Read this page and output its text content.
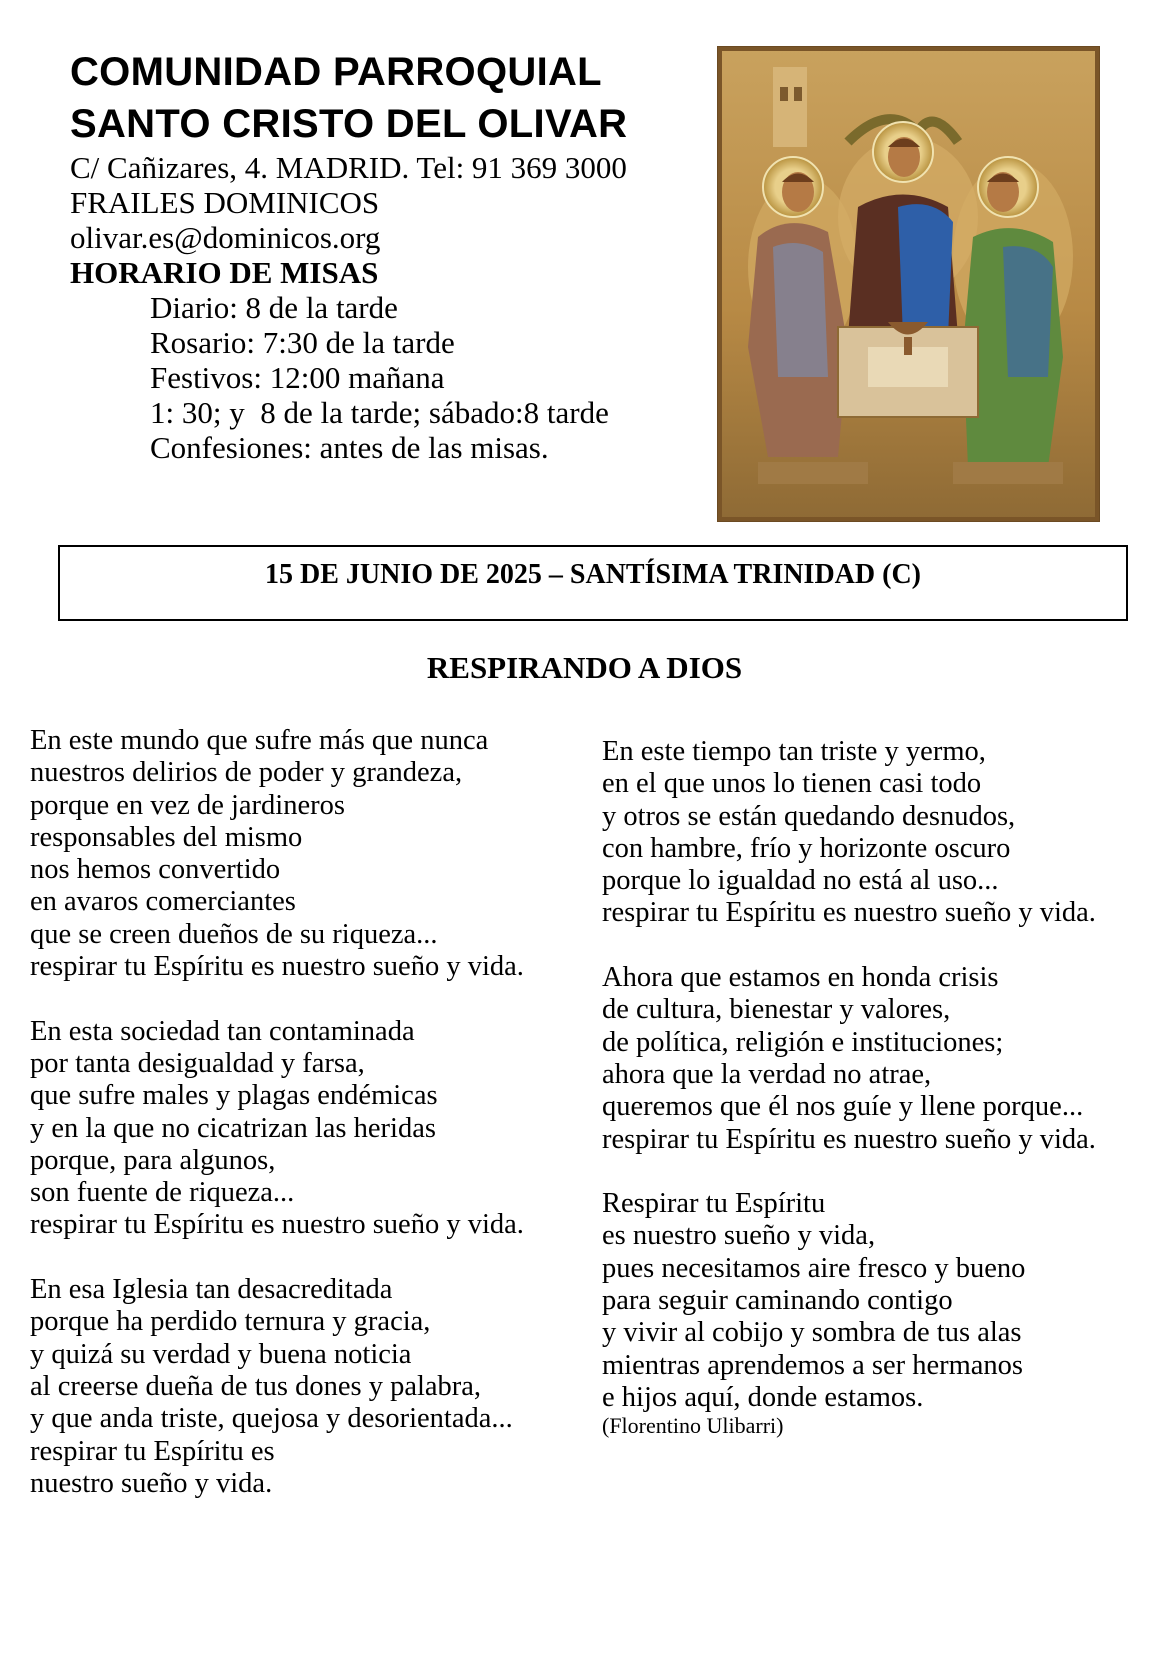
COMUNIDAD PARROQUIAL
SANTO CRISTO DEL OLIVAR
C/ Cañizares, 4. MADRID. Tel: 91 369 3000
FRAILES DOMINICOS
olivar.es@dominicos.org
HORARIO DE MISAS
Diario: 8 de la tarde
Rosario: 7:30 de la tarde
Festivos: 12:00 mañana
1: 30; y  8 de la tarde; sábado:8 tarde
Confesiones: antes de las misas.
15 DE JUNIO DE 2025 – SANTÍSIMA TRINIDAD (C)
RESPIRANDO A DIOS
En este mundo que sufre más que nunca
nuestros delirios de poder y grandeza,
porque en vez de jardineros
responsables del mismo
nos hemos convertido
en avaros comerciantes
que se creen dueños de su riqueza...
respirar tu Espíritu es nuestro sueño y vida.
En esta sociedad tan contaminada
por tanta desigualdad y farsa,
que sufre males y plagas endémicas
y en la que no cicatrizan las heridas
porque, para algunos,
son fuente de riqueza...
respirar tu Espíritu es nuestro sueño y vida.
En esa Iglesia tan desacreditada
porque ha perdido ternura y gracia,
y quizá su verdad y buena noticia
al creerse dueña de tus dones y palabra,
y que anda triste, quejosa y desorientada...
respirar tu Espíritu es
nuestro sueño y vida.
En este tiempo tan triste y yermo,
en el que unos lo tienen casi todo
y otros se están quedando desnudos,
con hambre, frío y horizonte oscuro
porque lo igualdad no está al uso...
respirar tu Espíritu es nuestro sueño y vida.
Ahora que estamos en honda crisis
de cultura, bienestar y valores,
de política, religión e instituciones;
ahora que la verdad no atrae,
queremos que él nos guíe y llene porque...
respirar tu Espíritu es nuestro sueño y vida.
Respirar tu Espíritu
es nuestro sueño y vida,
pues necesitamos aire fresco y bueno
para seguir caminando contigo
y vivir al cobijo y sombra de tus alas
mientras aprendemos a ser hermanos
e hijos aquí, donde estamos.
(Florentino Ulibarri)
